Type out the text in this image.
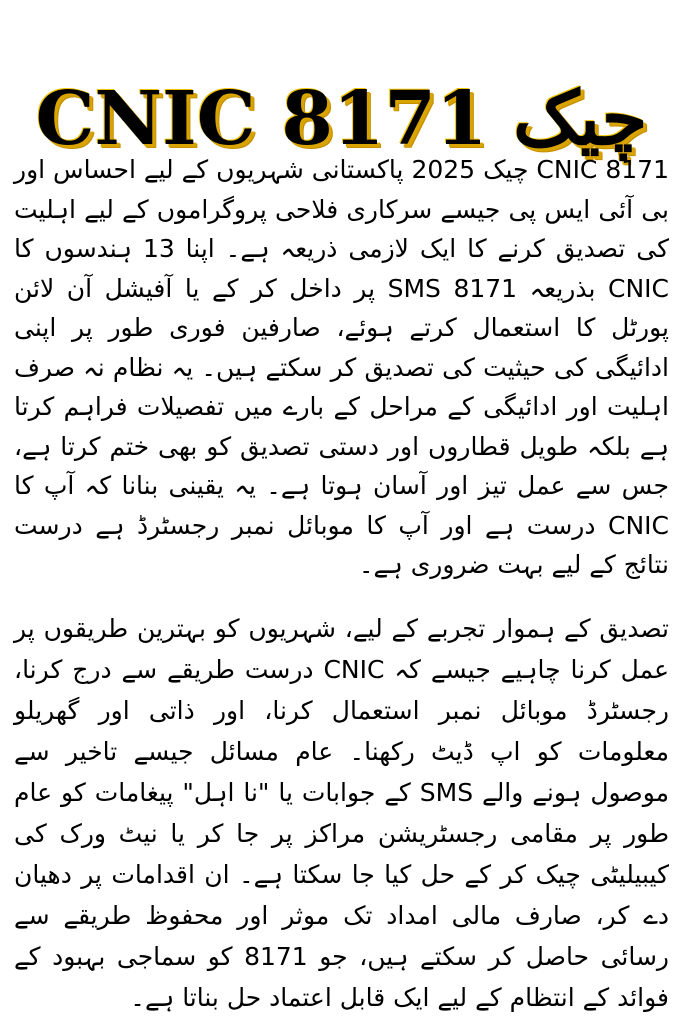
چیک CNIC 8171

CNIC 8171 چیک 2025 پاکستانی شہریوں کے لیے احساس اور بی آئی ایس پی جیسے سرکاری فلاحی پروگراموں کے لیے اہلیت کی تصدیق کرنے کا ایک لازمی ذریعہ ہے۔ اپنا 13 ہندسوں کا CNIC بذریعہ SMS 8171 پر داخل کر کے یا آفیشل آن لائن پورٹل کا استعمال کرتے ہوئے، صارفین فوری طور پر اپنی ادائیگی کی حیثیت کی تصدیق کر سکتے ہیں۔ یہ نظام نہ صرف اہلیت اور ادائیگی کے مراحل کے بارے میں تفصیلات فراہم کرتا ہے بلکہ طویل قطاروں اور دستی تصدیق کو بھی ختم کرتا ہے، جس سے عمل تیز اور آسان ہوتا ہے۔ یہ یقینی بنانا کہ آپ کا CNIC درست ہے اور آپ کا موبائل نمبر رجسٹرڈ ہے درست نتائج کے لیے بہت ضروری ہے۔

تصدیق کے ہموار تجربے کے لیے، شہریوں کو بہترین طریقوں پر عمل کرنا چاہیے جیسے کہ CNIC درست طریقے سے درج کرنا، رجسٹرڈ موبائل نمبر استعمال کرنا، اور ذاتی اور گھریلو معلومات کو اپ ڈیٹ رکھنا۔ عام مسائل جیسے تاخیر سے موصول ہونے والے SMS کے جوابات یا "نا اہل" پیغامات کو عام طور پر مقامی رجسٹریشن مراکز پر جا کر یا نیٹ ورک کی کیبیلیٹی چیک کر کے حل کیا جا سکتا ہے۔ ان اقدامات پر دھیان دے کر، صارف مالی امداد تک موثر اور محفوظ طریقے سے رسائی حاصل کر سکتے ہیں، جو 8171 کو سماجی بہبود کے فوائد کے انتظام کے لیے ایک قابل اعتماد حل بناتا ہے۔
